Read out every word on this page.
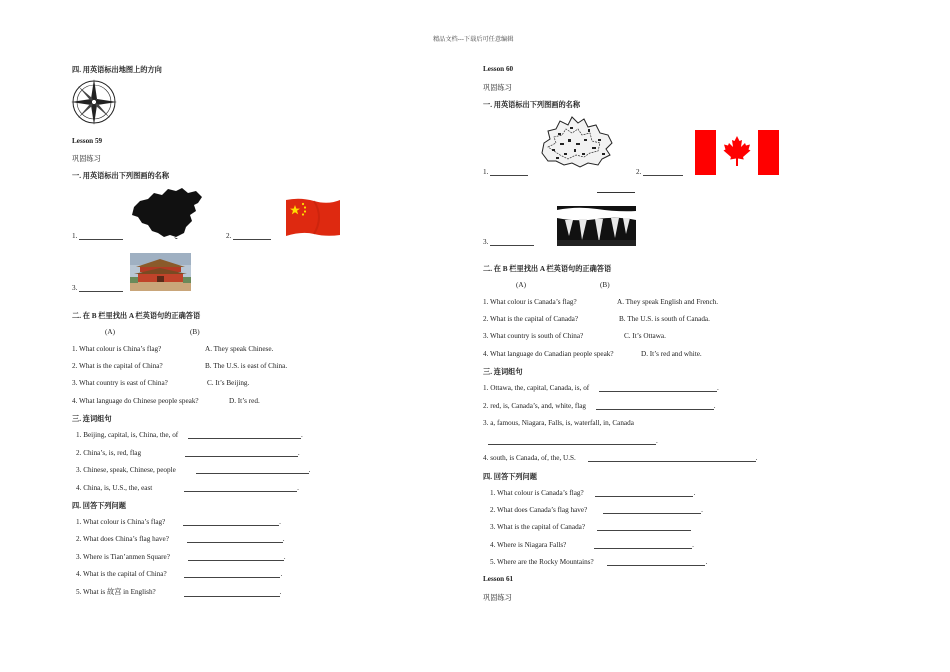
精品文档---下载后可任意编辑
四. 用英语标出地图上的方向
Lesson 59
巩固练习
一. 用英语标出下列图画的名称
1.	2.
3.
二. 在 B 栏里找出 A 栏英语句的正确答语
(A)	(B)
1. What colour is China’s flag?	A. They speak Chinese.
2. What is the capital of China?	B. The U.S. is east of China.
3. What country is east of China?	C. It’s Beijing.
4. What language do Chinese people speak?	D. It’s red.
三. 连词组句
1. Beijing, capital, is, China, the, of	.
2. China’s, is, red, flag	.
3. Chinese, speak, Chinese, people	.
4. China, is, U.S., the, east	.
四. 回答下列问题
1. What colour is China’s flag?	.
2. What does China’s flag have?	.
3. Where is Tian’anmen Square?	.
4. What is the capital of China?	.
5. What is 故宫 in English?	.
Lesson 60
巩固练习
一. 用英语标出下列图画的名称
1.	2.
3.
二. 在 B 栏里找出 A 栏英语句的正确答语
(A)	(B)
1. What colour is Canada’s flag?	A. They speak English and French.
2. What is the capital of Canada?	B. The U.S. is south of Canada.
3. What country is south of China?	C. It’s Ottawa.
4. What language do Canadian people speak?	D. It’s red and white.
三. 连词组句
1. Ottawa, the, capital, Canada, is, of	.
2. red, is, Canada’s, and, white, flag	.
3. a, famous, Niagara, Falls, is, waterfall, in, Canada
.
4. south, is Canada, of, the, U.S.	.
四. 回答下列问题
1. What colour is Canada’s flag?	.
2. What does Canada’s flag have?	.
3. What is the capital of Canada?
4. Where is Niagara Falls?	.
5. Where are the Rocky Mountains?	.
Lesson 61
巩固练习
